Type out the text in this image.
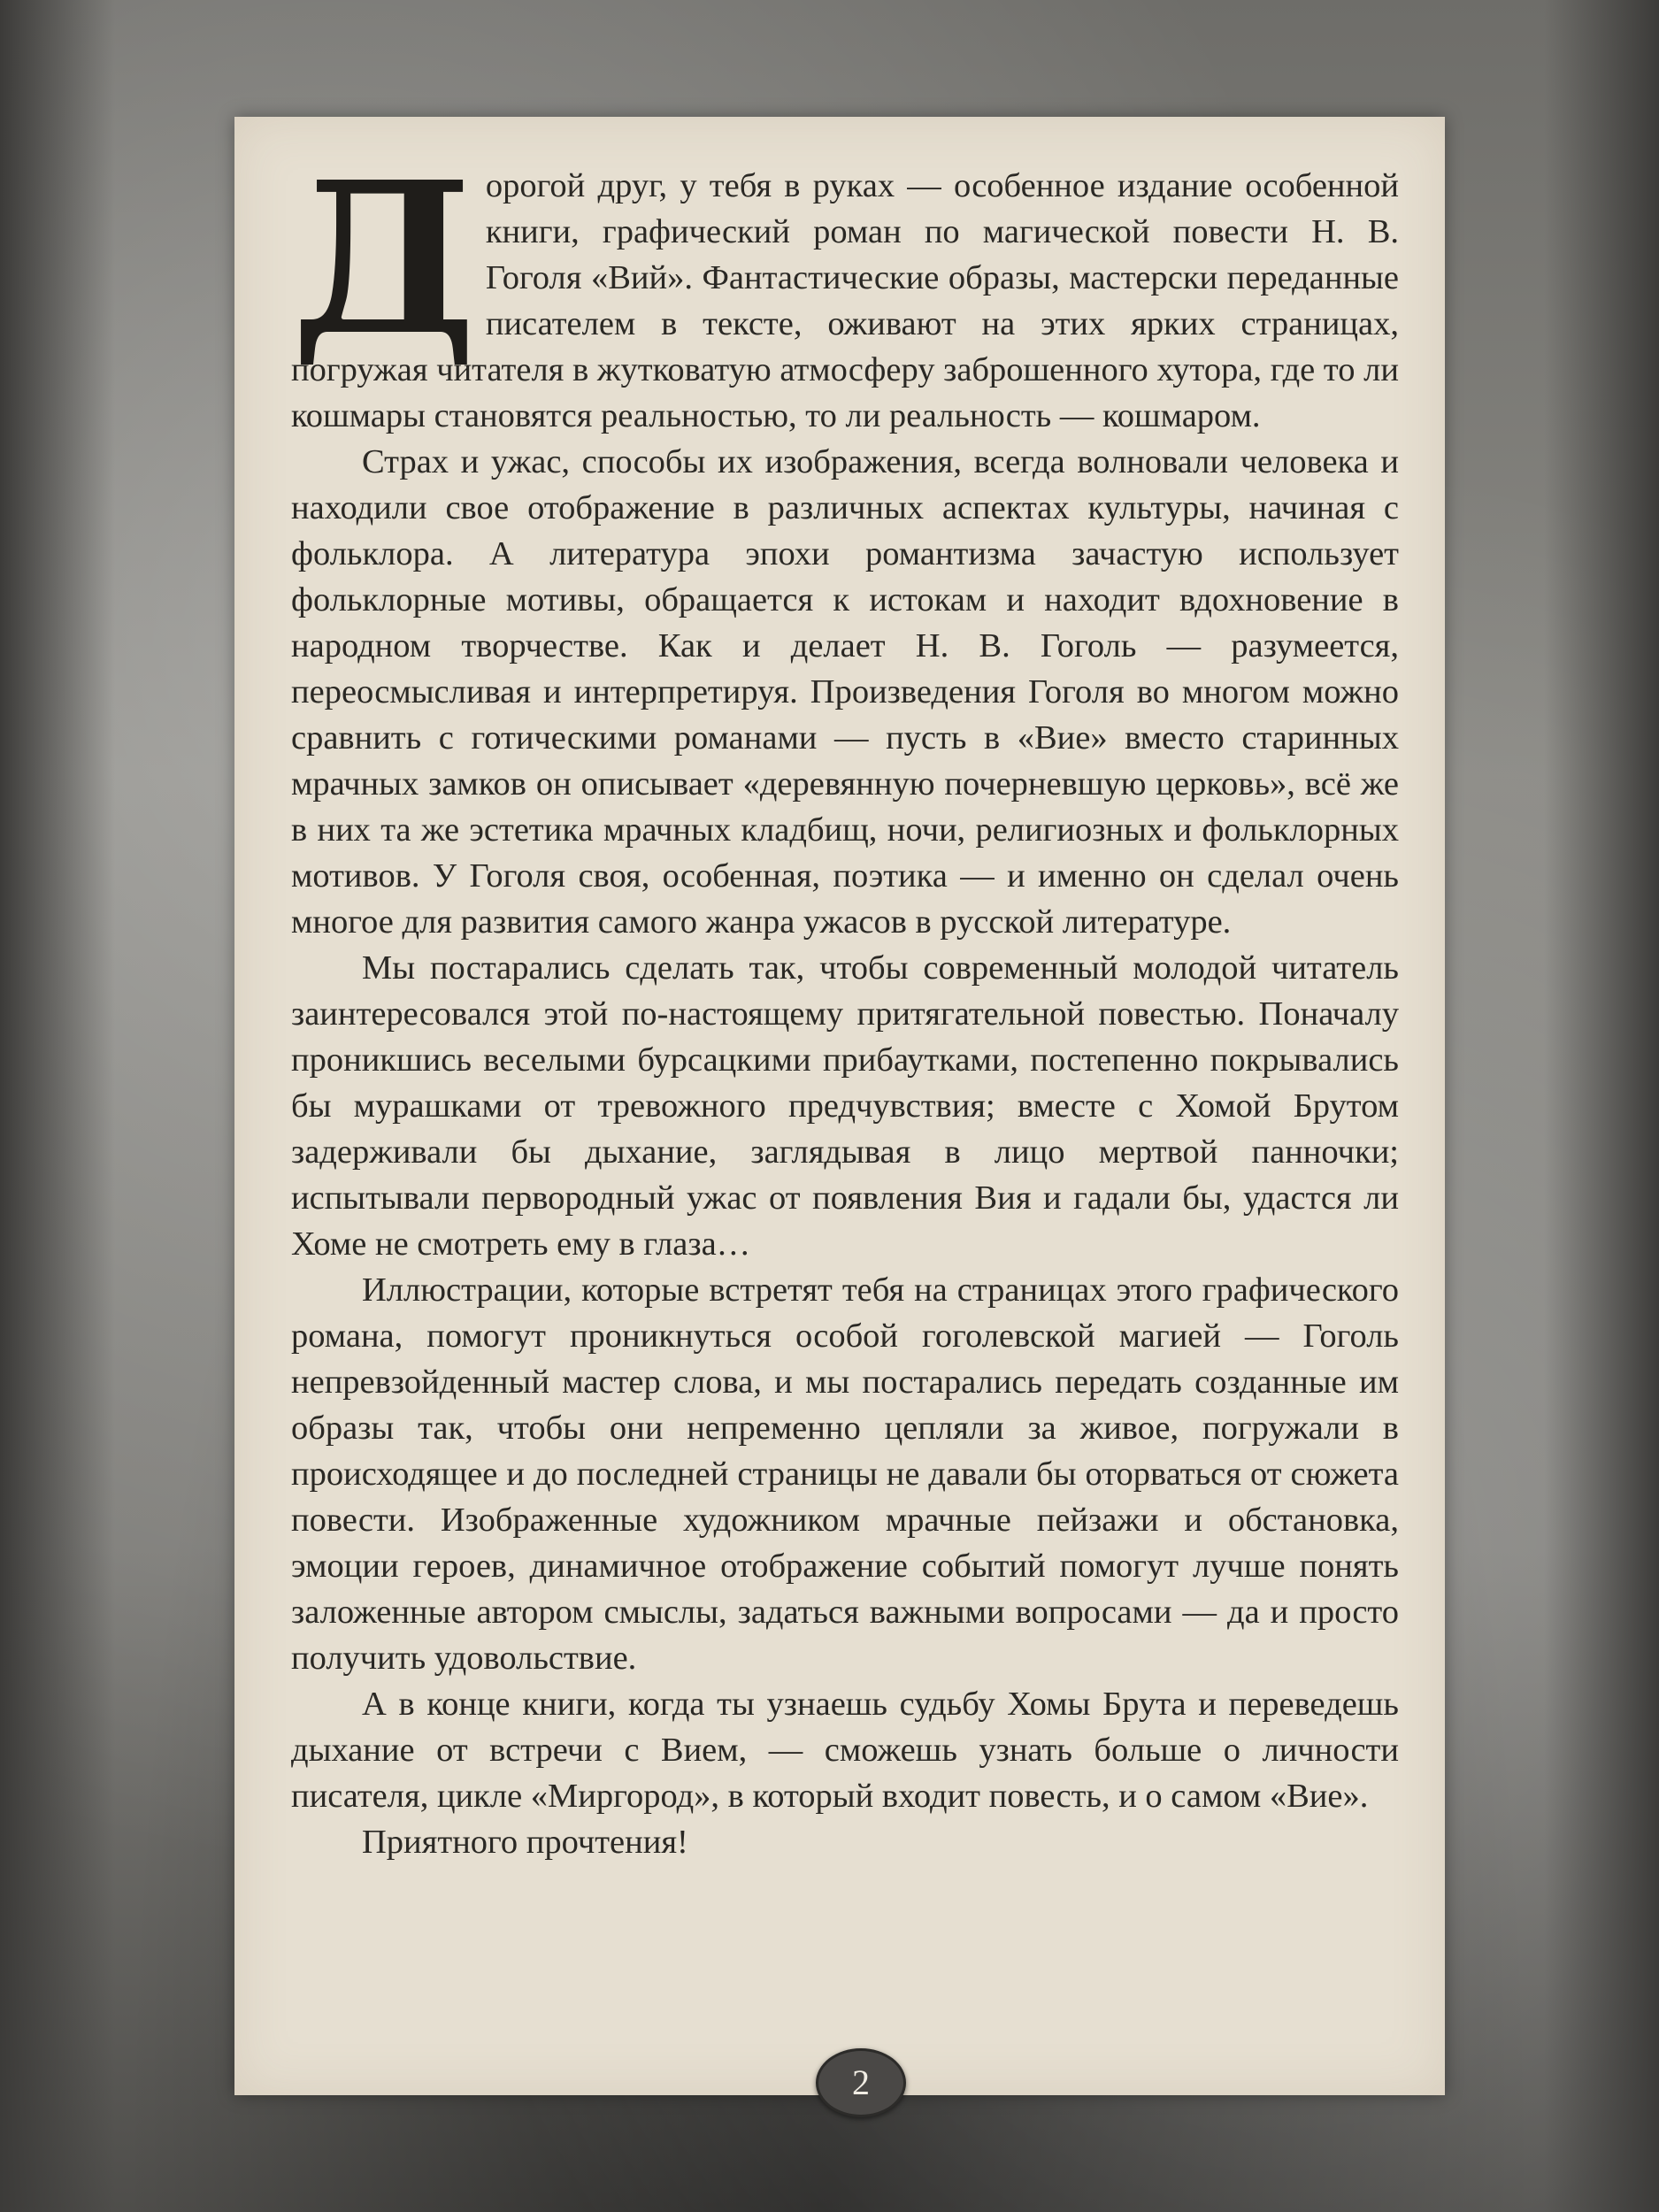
Дорогой друг, у тебя в руках — особенное издание особенной книги, графический роман по магической повести Н. В. Гоголя «Вий». Фантастические образы, мастерски переданные писателем в тексте, оживают на этих ярких страницах, погружая читателя в жутковатую атмосферу заброшенного хутора, где то ли кошмары становятся реальностью, то ли реальность — кошмаром.

Страх и ужас, способы их изображения, всегда волновали человека и находили свое отображение в различных аспектах культуры, начиная с фольклора. А литература эпохи романтизма зачастую использует фольклорные мотивы, обращается к истокам и находит вдохновение в народном творчестве. Как и делает Н. В. Гоголь — разумеется, переосмысливая и интерпретируя. Произведения Гоголя во многом можно сравнить с готическими романами — пусть в «Вие» вместо старинных мрачных замков он описывает «деревянную почерневшую церковь», всё же в них та же эстетика мрачных кладбищ, ночи, религиозных и фольклорных мотивов. У Гоголя своя, особенная, поэтика — и именно он сделал очень многое для развития самого жанра ужасов в русской литературе.

Мы постарались сделать так, чтобы современный молодой читатель заинтересовался этой по-настоящему притягательной повестью. Поначалу проникшись веселыми бурсацкими прибаутками, постепенно покрывались бы мурашками от тревожного предчувствия; вместе с Хомой Брутом задерживали бы дыхание, заглядывая в лицо мертвой панночки; испытывали первородный ужас от появления Вия и гадали бы, удастся ли Хоме не смотреть ему в глаза…

Иллюстрации, которые встретят тебя на страницах этого графического романа, помогут проникнуться особой гоголевской магией — Гоголь непревзойденный мастер слова, и мы постарались передать созданные им образы так, чтобы они непременно цепляли за живое, погружали в происходящее и до последней страницы не давали бы оторваться от сюжета повести. Изображенные художником мрачные пейзажи и обстановка, эмоции героев, динамичное отображение событий помогут лучше понять заложенные автором смыслы, задаться важными вопросами — да и просто получить удовольствие.

А в конце книги, когда ты узнаешь судьбу Хомы Брута и переведешь дыхание от встречи с Вием, — сможешь узнать больше о личности писателя, цикле «Миргород», в который входит повесть, и о самом «Вие».

Приятного прочтения!

2
